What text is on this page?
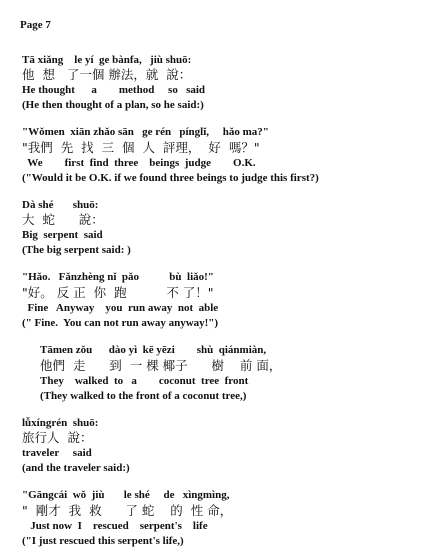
Page 7
Tā xiǎng    le yí  ge bànfa,   jiù shuō:
他  想   了一個 辦法，就  說：
He thought      a        method     so   said
(He then thought of a plan, so he said:)
"Wǒmen  xiān zhǎo sān   ge rén   pínglǐ,     hǎo ma?"
"我們  先  找  三  個  人  評理，  好  嗎？"
We        first  find  three    beings  judge        O.K.
("Would it be O.K. if we found three beings to judge this first?)
Dà shé       shuō:
大  蛇      說：
Big  serpent  said
(The big serpent said: )
"Hǎo.   Fǎnzhèng nǐ  pǎo           bù  liǎo!"
"好。 反 正  你  跑          不 了！"
Fine   Anyway    you  run away  not  able
(" Fine.  You can not run away anyway!")
Tāmen zǒu      dào yì  kē yēzi        shù  qiánmiàn,
他們  走      到  一 棵 椰子      樹    前 面，
They    walked  to   a        coconut  tree  front
(They walked to the front of a coconut tree,)
lǚxíngrén  shuō:
旅行人  說：
traveler     said
(and the traveler said:)
"Gāngcái  wǒ  jiù       le shé     de   xìngmìng,
"  剛才  我  救      了 蛇    的  性 命，
Just now  I    rescued    serpent's    life
("I just rescued this serpent's life,)
